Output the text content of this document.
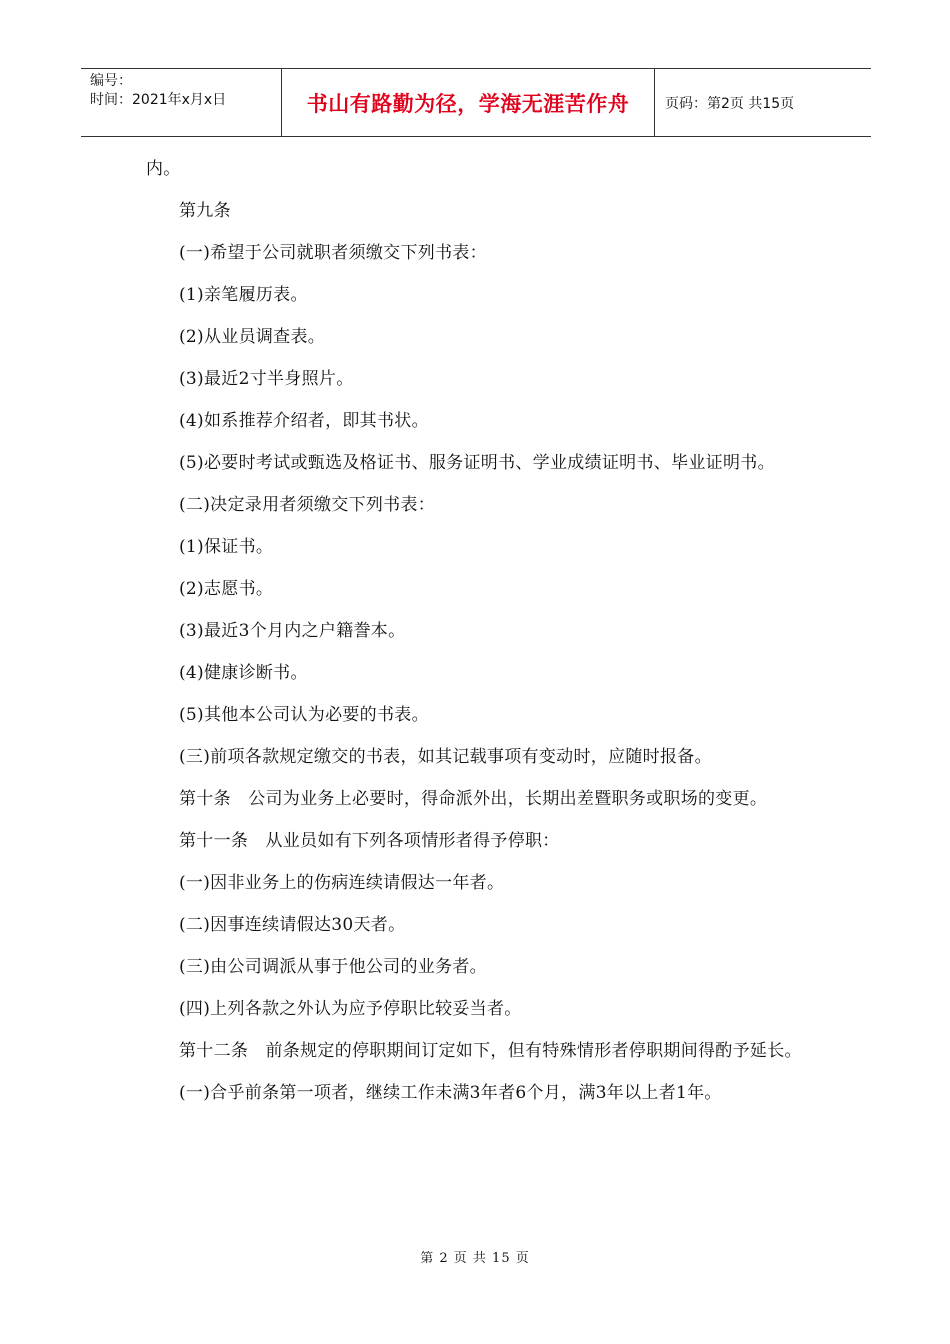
编号：
时间：2021年x月x日	书山有路勤为径，学海无涯苦作舟	页码：第2页 共15页

内。

第九条

(一)希望于公司就职者须缴交下列书表：

(1)亲笔履历表。

(2)从业员调查表。

(3)最近2寸半身照片。

(4)如系推荐介绍者，即其书状。

(5)必要时考试或甄选及格证书、服务证明书、学业成绩证明书、毕业证明书。

(二)决定录用者须缴交下列书表：

(1)保证书。

(2)志愿书。

(3)最近3个月内之户籍誊本。

(4)健康诊断书。

(5)其他本公司认为必要的书表。

(三)前项各款规定缴交的书表，如其记载事项有变动时，应随时报备。

第十条　公司为业务上必要时，得命派外出，长期出差暨职务或职场的变更。

第十一条　从业员如有下列各项情形者得予停职：

(一)因非业务上的伤病连续请假达一年者。

(二)因事连续请假达30天者。

(三)由公司调派从事于他公司的业务者。

(四)上列各款之外认为应予停职比较妥当者。

第十二条　前条规定的停职期间订定如下，但有特殊情形者停职期间得酌予延长。

(一)合乎前条第一项者，继续工作未满3年者6个月，满3年以上者1年。

第 2 页 共 15 页
